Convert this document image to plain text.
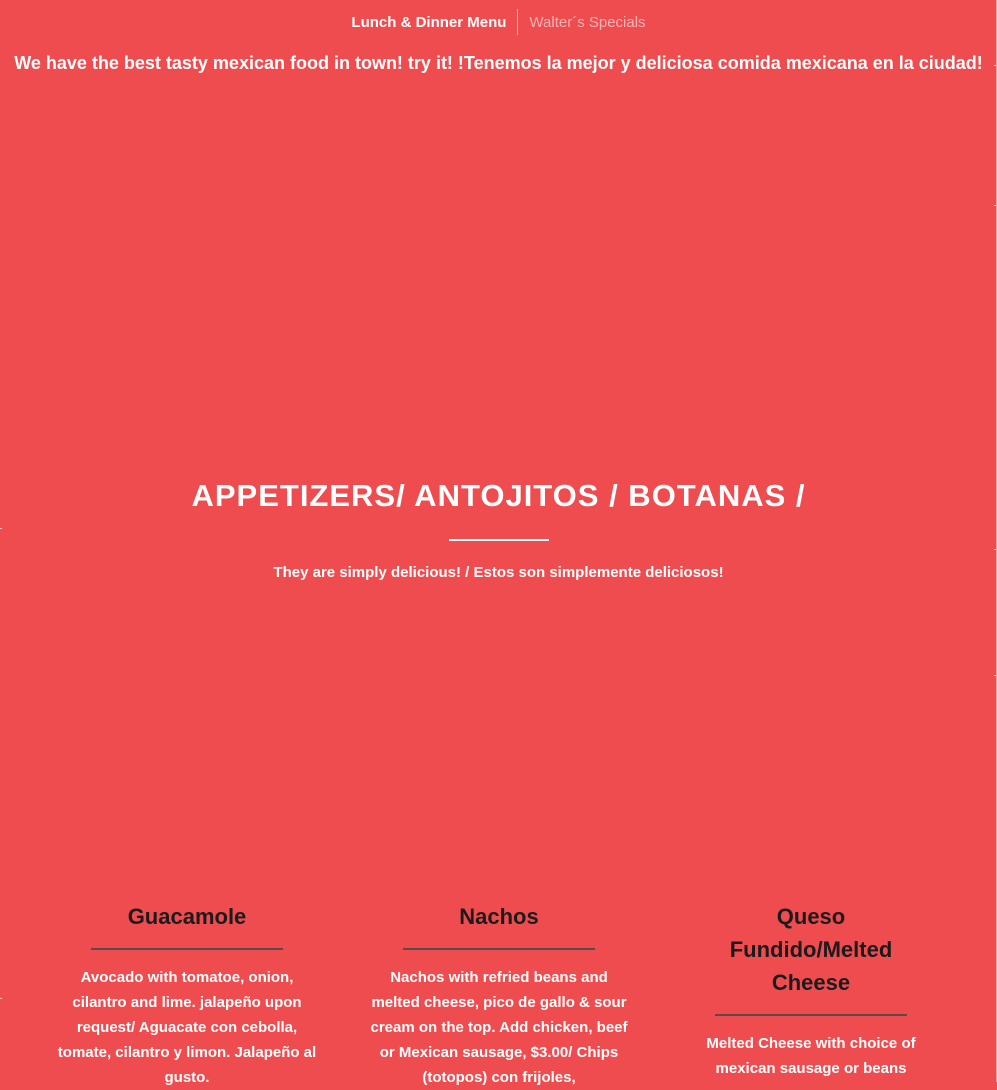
Lunch & Dinner Menu	Walter´s Specials
We have the best tasty mexican food in town! try it! !Tenemos la mejor y deliciosa comida mexicana en la ciudad!
APPETIZERS/ ANTOJITOS / BOTANAS /
They are simply delicious! / Estos son simplemente deliciosos!
Guacamole
Avocado with tomatoe, onion, cilantro and lime. jalapeño upon request/ Aguacate con cebolla, tomate, cilantro y limon. Jalapeño al gusto.
Nachos
Nachos with refried beans and melted cheese, pico de gallo & sour cream on the top. Add chicken, beef or Mexican sausage, $3.00/ Chips (totopos) con frijoles,
Queso Fundido/Melted Cheese
Melted Cheese with choice of mexican sausage or beans
